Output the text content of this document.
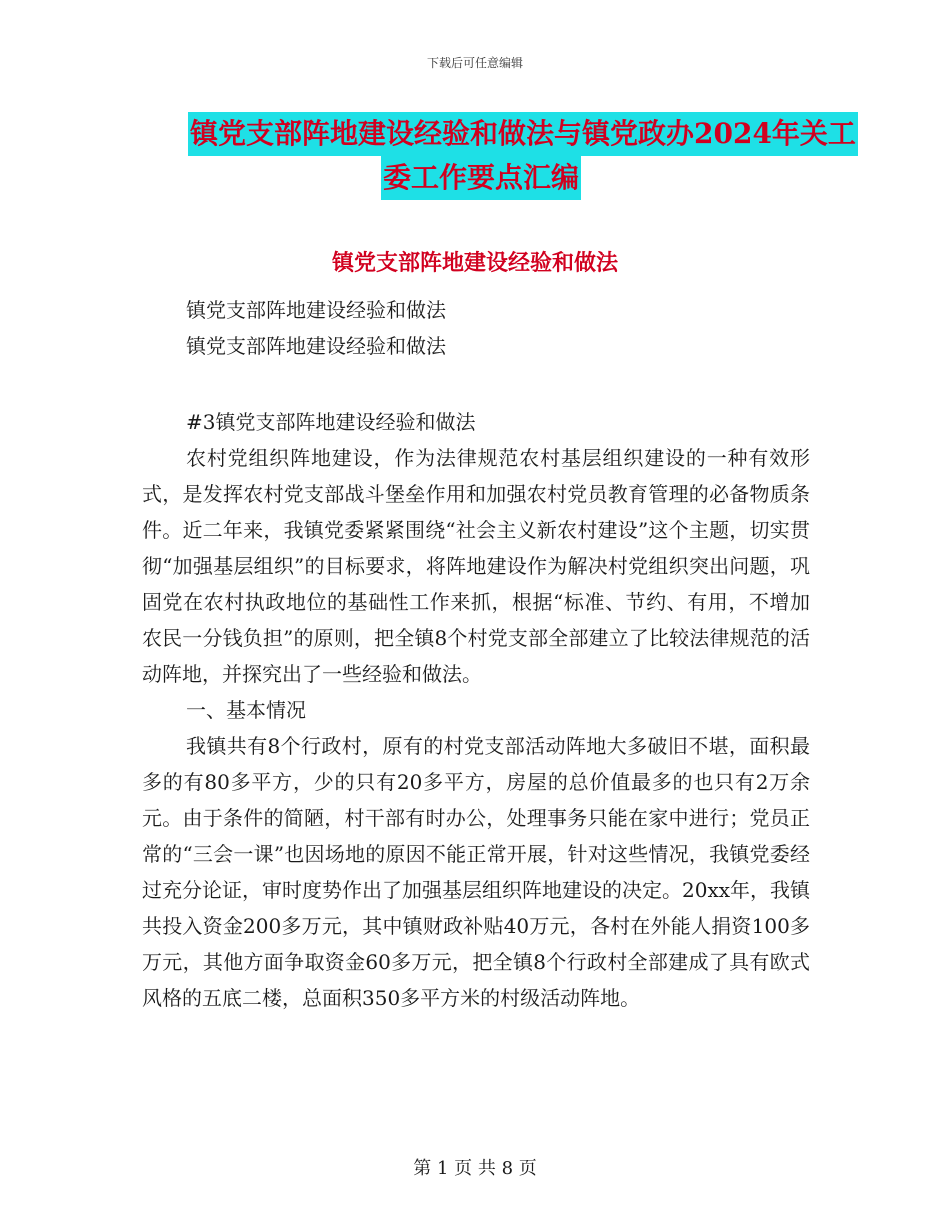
下载后可任意编辑
镇党支部阵地建设经验和做法与镇党政办2024年关工
委工作要点汇编
镇党支部阵地建设经验和做法
镇党支部阵地建设经验和做法
镇党支部阵地建设经验和做法
#3镇党支部阵地建设经验和做法

农村党组织阵地建设，作为法律规范农村基层组织建设的一种有效形式，是发挥农村党支部战斗堡垒作用和加强农村党员教育管理的必备物质条件。近二年来，我镇党委紧紧围绕“社会主义新农村建设”这个主题，切实贯彻“加强基层组织”的目标要求，将阵地建设作为解决村党组织突出问题，巩固党在农村执政地位的基础性工作来抓，根据“标准、节约、有用，不增加农民一分钱负担”的原则，把全镇8个村党支部全部建立了比较法律规范的活动阵地，并探究出了一些经验和做法。

一、基本情况

我镇共有8个行政村，原有的村党支部活动阵地大多破旧不堪，面积最多的有80多平方，少的只有20多平方，房屋的总价值最多的也只有2万余元。由于条件的简陋，村干部有时办公，处理事务只能在家中进行；党员正常的“三会一课”也因场地的原因不能正常开展，针对这些情况，我镇党委经过充分论证，审时度势作出了加强基层组织阵地建设的决定。20xx年，我镇共投入资金200多万元，其中镇财政补贴40万元，各村在外能人捐资100多万元，其他方面争取资金60多万元，把全镇8个行政村全部建成了具有欧式风格的五底二楼，总面积350多平方米的村级活动阵地。

第 1 页 共 8 页
